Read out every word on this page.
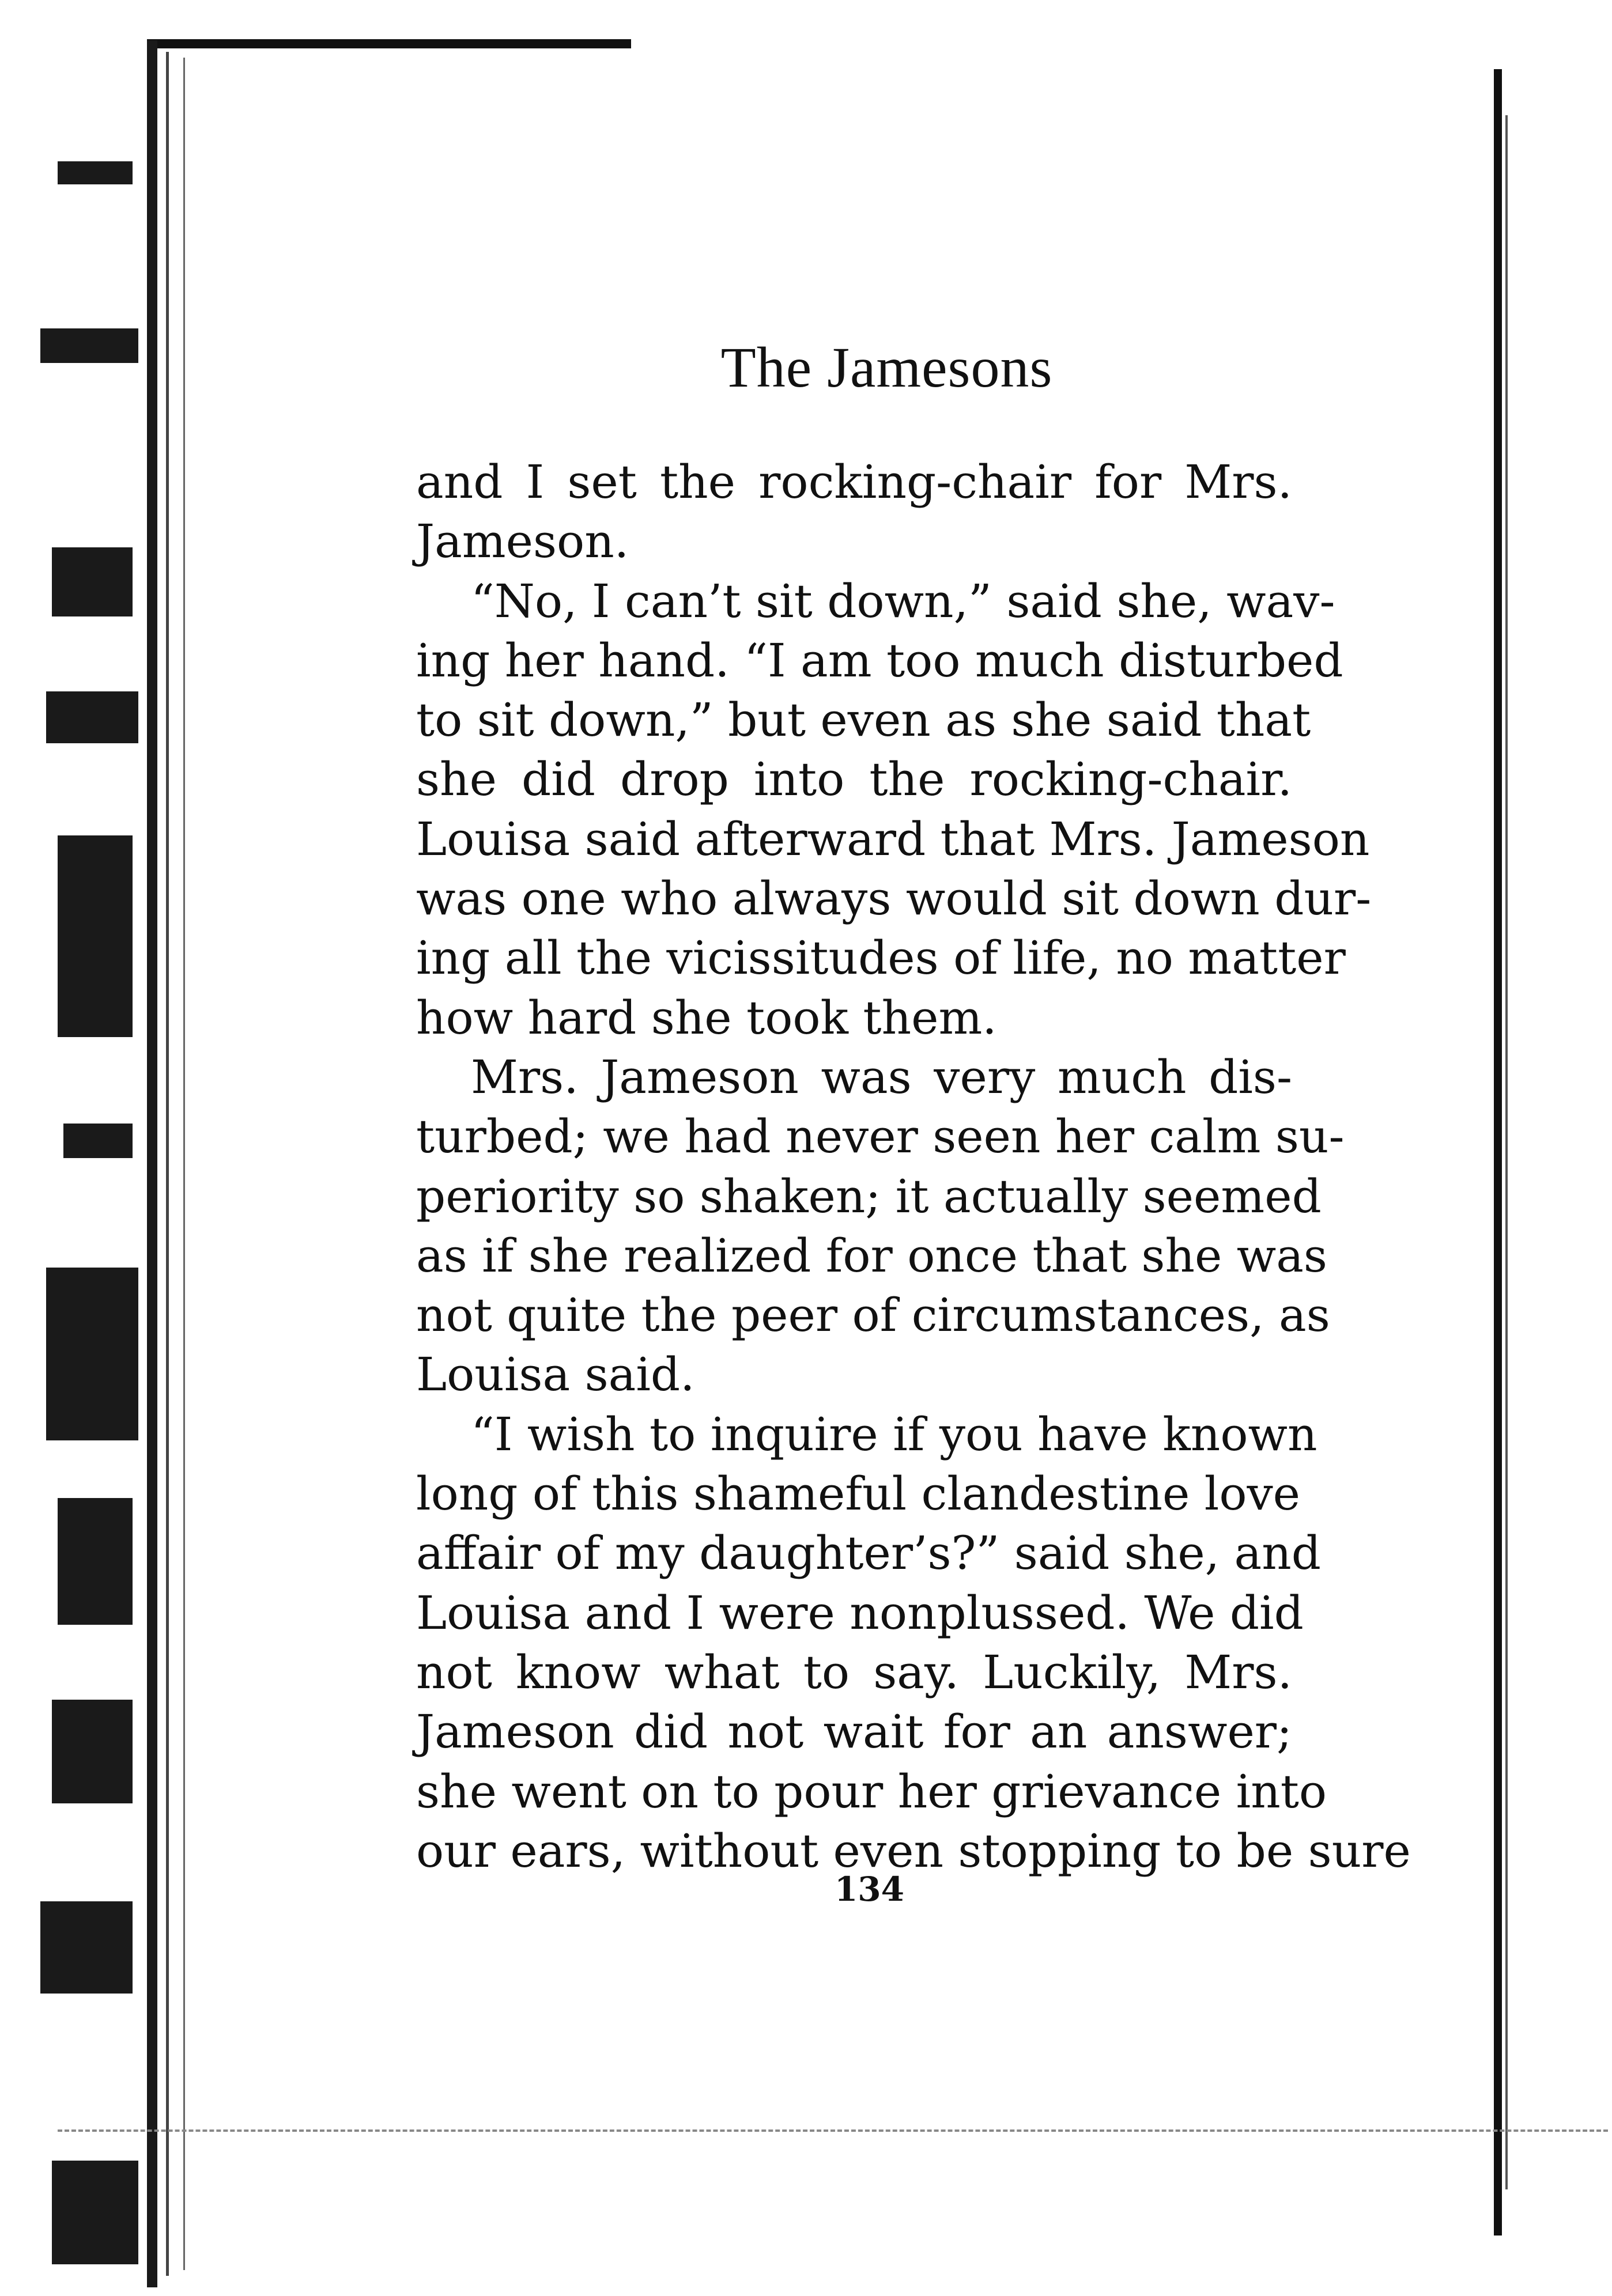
The Jamesons
and I set the rocking-chair for Mrs.
Jameson.
“No, I can’t sit down,” said she, wav-
ing her hand. “I am too much disturbed
to sit down,” but even as she said that
she did drop into the rocking-chair.
Louisa said afterward that Mrs. Jameson
was one who always would sit down dur-
ing all the vicissitudes of life, no matter
how hard she took them.
Mrs. Jameson was very much dis-
turbed; we had never seen her calm su-
periority so shaken; it actually seemed
as if she realized for once that she was
not quite the peer of circumstances, as
Louisa said.
“I wish to inquire if you have known
long of this shameful clandestine love
affair of my daughter’s?” said she, and
Louisa and I were nonplussed. We did
not know what to say. Luckily, Mrs.
Jameson did not wait for an answer;
she went on to pour her grievance into
our ears, without even stopping to be sure
134
